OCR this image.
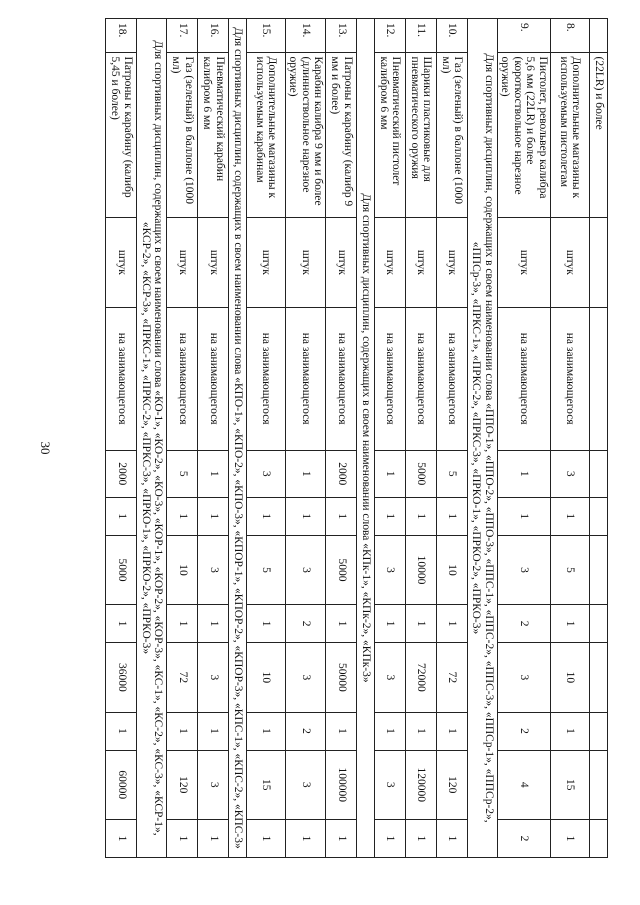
30
	(22LR) и более										
8.	Дополнительные магазины к используемым пистолетам	штук	на занимающегося	3	1	5	1	10	1	15	1
9.	Пистолет, револьвер калибра 5,6 мм (22LR) и более (короткоствольное нарезное оружие)	штук	на занимающегося	1	1	3	2	3	2	4	2
Для спортивных дисциплин, содержащих в своем наименовании слова «ППО-1», «ППО-2», «ППО-3», «ППС-1», «ППС-2», «ППС-3», «ППСр-1», «ППСр-2», «ППСр-3», «ПРКС-1», «ПРКС-2», «ПРКС-3», «ПРКО-1», «ПРКО-2», «ПРКО-3»											
10.	Газ (зеленый) в баллоне (1000 мл)	штук	на занимающегося	5	1	10	1	72	1	120	1
11.	Шарики пластиковые для пневматического оружия	штук	на занимающегося	5000	1	10000	1	72000	1	120000	1
12.	Пневматический пистолет калибром 6 мм	штук	на занимающегося	1	1	3	1	3	1	3	1
Для спортивных дисциплин, содержащих в своем наименовании слова «КПк-1», «КПк-2», «КПк-3»											
13.	Патроны к карабину (калибр 9 мм и более)	штук	на занимающегося	2000	1	5000	1	50000	1	100000	1
14.	Карабин калибра 9 мм и более (длинноствольное нарезное оружие)	штук	на занимающегося	1	1	3	2	3	2	3	1
15.	Дополнительные магазины к используемым карабинам	штук	на занимающегося	3	1	5	1	10	1	15	1
Для спортивных дисциплин, содержащих в своем наименовании слова «КПО-1», «КПО-2», «КПО-3», «КПОР-1», «КПОР-2», «КПОР-3», «КПС-1», «КПС-2», «КПС-3»											
16.	Пневматический карабин калибром 6 мм	штук	на занимающегося	1	1	3	1	3	1	3	1
17.	Газ (зеленый) в баллоне (1000 мл)	штук	на занимающегося	5	1	10	1	72	1	120	1
Для спортивных дисциплин, содержащих в своем наименовании слова «КО-1», «КО-2», «КО-3», «КОР-1», «КОР-2», «КОР-3», «КС-1», «КС-2», «КС-3», «КСР-1», «КСР-2», «КСР-3», «ПРКС-1», «ПРКС-2», «ПРКС-3», «ПРКО-1», «ПРКО-2», «ПРКО-3»											
18.	Патроны к карабину (калибр 5,45 и более)	штук	на занимающегося	2000	1	5000	1	36000	1	60000	1
